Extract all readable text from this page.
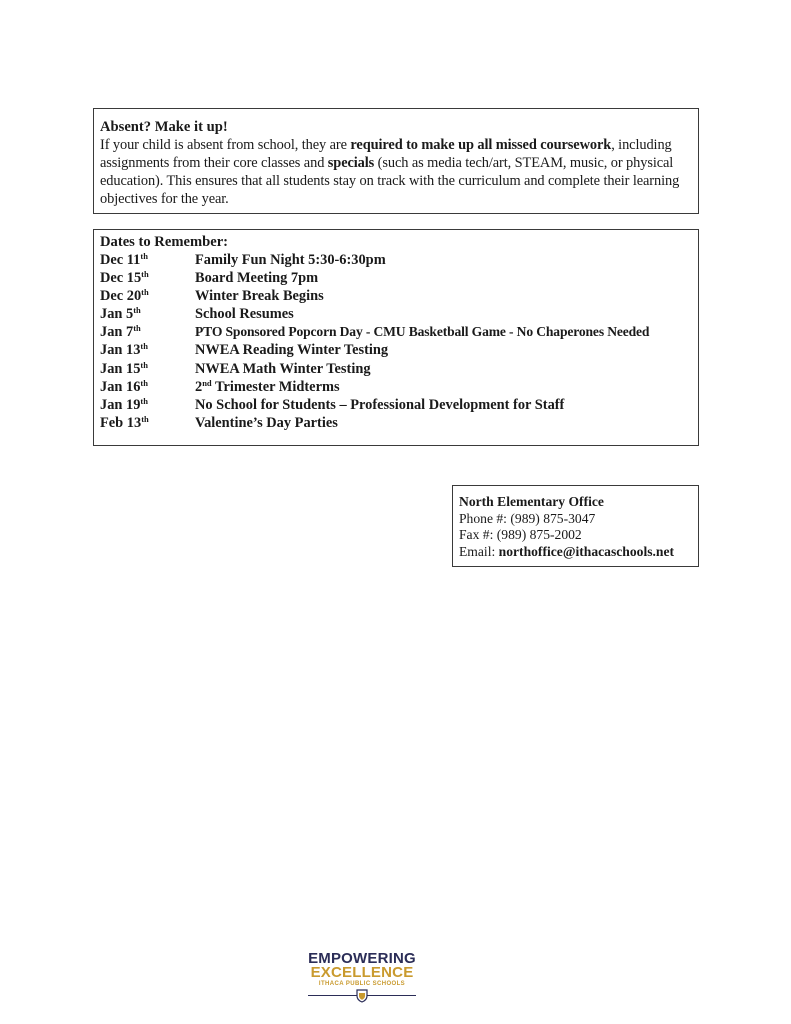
Absent? Make it up!
If your child is absent from school, they are required to make up all missed coursework, including assignments from their core classes and specials (such as media tech/art, STEAM, music, or physical education). This ensures that all students stay on track with the curriculum and complete their learning objectives for the year.
Dates to Remember:
Dec 11th	Family Fun Night 5:30-6:30pm
Dec 15th	Board Meeting 7pm
Dec 20th	Winter Break Begins
Jan 5th	School Resumes
Jan 7th	PTO Sponsored Popcorn Day - CMU Basketball Game - No Chaperones Needed
Jan 13th	NWEA Reading Winter Testing
Jan 15th	NWEA Math Winter Testing
Jan 16th	2nd Trimester Midterms
Jan 19th	No School for Students – Professional Development for Staff
Feb 13th	Valentine’s Day Parties
North Elementary Office
Phone #: (989) 875-3047
Fax #: (989) 875-2002
Email: northoffice@ithacaschools.net
EMPOWERING
EXCELLENCE
ITHACA PUBLIC SCHOOLS
